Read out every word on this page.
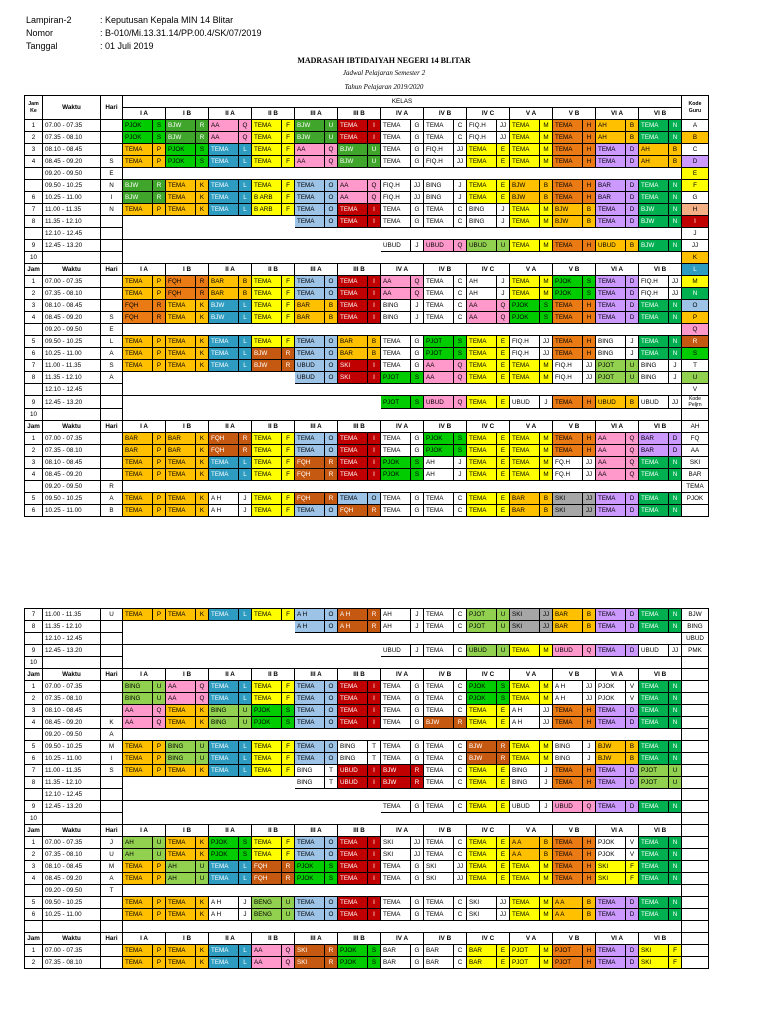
Lampiran-2	: Keputusan Kepala MIN 14 Blitar
Nomor	: B-010/Mi.13.31.14/PP.00.4/SK/07/2019
Tanggal	: 01 Juli 2019
MADRASAH IBTIDAIYAH NEGERI 14 BLITAR
Jadwal Pelajaran Semester 2
Tahun Pelajaran 2019/2020
Jam Ke	Waktu	Hari	KELAS																										Kode Guru
			I A		I B		II A		II B		III A		III B		IV A		IV B		IV C		V A		V B		VI A		VI B		
1	07.00 - 07.35		PJOK	S	BJW	R	AA	Q	TEMA	F	BJW	U	TEMA	I	TEMA	G	TEMA	C	FIQ.H	JJ	TEMA	M	TEMA	H	AH	B	TEMA	N	A
2	07.35 - 08.10		PJOK	S	BJW	R	AA	Q	TEMA	F	BJW	U	TEMA	I	TEMA	G	TEMA	C	FIQ.H	JJ	TEMA	M	TEMA	H	AH	B	TEMA	N	B
3	08.10 - 08.45		TEMA	P	PJOK	S	TEMA	L	TEMA	F	AA	Q	BJW	U	TEMA	G	FIQ.H	JJ	TEMA	E	TEMA	M	TEMA	H	TEMA	D	AH	B	C
4	08.45 - 09.20	S	TEMA	P	PJOK	S	TEMA	L	TEMA	F	AA	Q	BJW	U	TEMA	G	FIQ.H	JJ	TEMA	E	TEMA	M	TEMA	H	TEMA	D	AH	B	D
	09.20 - 09.50	E																											E
	09.50 - 10.25	N	BJW	R	TEMA	K	TEMA	L	TEMA	F	TEMA	O	AA	Q	FIQ.H	JJ	BING	J	TEMA	E	BJW	B	TEMA	H	BAR	D	TEMA	N	F
6	10.25 - 11.00	I	BJW	R	TEMA	K	TEMA	L	B ARB	F	TEMA	O	AA	Q	FIQ.H	JJ	BING	J	TEMA	E	BJW	B	TEMA	H	BAR	D	TEMA	N	G
7	11.00 - 11.35	N	TEMA	P	TEMA	K	TEMA	L	B ARB	F	TEMA	O	TEMA	I	TEMA	G	TEMA	C	BING	J	TEMA	M	BJW	B	TEMA	D	BJW	N	H
8	11.35 - 12.10										TEMA	O	TEMA	I	TEMA	G	TEMA	C	BING	J	TEMA	M	BJW	B	TEMA	D	BJW	N	I
	12.10 - 12.45																												J
9	12.45 - 13.20														UBUD	J	UBUD	Q	UBUD	U	TEMA	M	TEMA	H	UBUD	B	BJW	N	JJ
10																													K
Jam	Waktu	Hari	I A		I B		II A		II B		III A		III B		IV A		IV B		IV C		V A		V B		VI A		VI B		L
1	07.00 - 07.35		TEMA	P	FQH	R	BAR	B	TEMA	F	TEMA	O	TEMA	I	AA	Q	TEMA	C	AH	J	TEMA	M	PJOK	S	TEMA	D	FIQ.H	JJ	M
2	07.35 - 08.10		TEMA	P	FQH	R	BAR	B	TEMA	F	TEMA	O	TEMA	I	AA	Q	TEMA	C	AH	J	TEMA	M	PJOK	S	TEMA	D	FIQ.H	JJ	N
3	08.10 - 08.45		FQH	R	TEMA	K	BJW	L	TEMA	F	BAR	B	TEMA	I	BING	J	TEMA	C	AA	Q	PJOK	S	TEMA	H	TEMA	D	TEMA	N	O
4	08.45 - 09.20	S	FQH	R	TEMA	K	BJW	L	TEMA	F	BAR	B	TEMA	I	BING	J	TEMA	C	AA	Q	PJOK	S	TEMA	H	TEMA	D	TEMA	N	P
	09.20 - 09.50	E																											Q
5	09.50 - 10.25	L	TEMA	P	TEMA	K	TEMA	L	TEMA	F	TEMA	O	BAR	B	TEMA	G	PJOT	S	TEMA	E	FIQ.H	JJ	TEMA	H	BING	J	TEMA	N	R
6	10.25 - 11.00	A	TEMA	P	TEMA	K	TEMA	L	BJW	R	TEMA	O	BAR	B	TEMA	G	PJOT	S	TEMA	E	FIQ.H	JJ	TEMA	H	BING	J	TEMA	N	S
7	11.00 - 11.35	S	TEMA	P	TEMA	K	TEMA	L	BJW	R	UBUD	O	SKI	I	TEMA	G	AA	Q	TEMA	E	TEMA	M	FIQ.H	JJ	PJOT	U	BING	J	T
8	11.35 - 12.10	A									UBUD	O	SKI	I	PJOT	S	AA	Q	TEMA	E	TEMA	M	FIQ.H	JJ	PJOT	U	BING	J	U
	12.10 - 12.45																												V
9	12.45 - 13.20														PJOT	S	UBUD	Q	TEMA	E	UBUD	J	TEMA	H	UBUD	B	UBUD	JJ	Kode Peljrn
10																													
Jam	Waktu	Hari	I A		I B		II A		II B		III A		III B		IV A		IV B		IV C		V A		V B		VI A		VI B		AH
1	07.00 - 07.35		BAR	P	BAR	K	FQH	R	TEMA	F	TEMA	O	TEMA	I	TEMA	G	PJOK	S	TEMA	E	TEMA	M	TEMA	H	AA	Q	BAR	D	FQ
2	07.35 - 08.10		BAR	P	BAR	K	FQH	R	TEMA	F	TEMA	O	TEMA	I	TEMA	G	PJOK	S	TEMA	E	TEMA	M	TEMA	H	AA	Q	BAR	D	AA
3	08.10 - 08.45		TEMA	P	TEMA	K	TEMA	L	TEMA	F	FQH	R	TEMA	I	PJOK	S	AH	J	TEMA	E	TEMA	M	FQ.H	JJ	AA	Q	TEMA	N	SKI
4	08.45 - 09.20		TEMA	P	TEMA	K	TEMA	L	TEMA	F	FQH	R	TEMA	I	PJOK	S	AH	J	TEMA	E	TEMA	M	FQ.H	JJ	AA	Q	TEMA	N	BAR
	09.20 - 09.50	R																											TEMA
5	09.50 - 10.25	A	TEMA	P	TEMA	K	A H	J	TEMA	F	FQH	R	TEMA	O	TEMA	G	TEMA	C	TEMA	E	BAR	B	SKI	JJ	TEMA	D	TEMA	N	PJOK
6	10.25 - 11.00	B	TEMA	P	TEMA	K	A H	J	TEMA	F	TEMA	O	FQH	R	TEMA	G	TEMA	C	TEMA	E	BAR	B	SKI	JJ	TEMA	D	TEMA	N	
7	11.00 - 11.35	U	TEMA	P	TEMA	K	TEMA	L	TEMA	F	A H	O	A H	R	AH	J	TEMA	C	PJOT	U	SKI	JJ	BAR	B	TEMA	D	TEMA	N	BJW
8	11.35 - 12.10										A H	O	A H	R	AH	J	TEMA	C	PJOT	U	SKI	JJ	BAR	B	TEMA	D	TEMA	N	BING
	12.10 - 12.45																												UBUD
9	12.45 - 13.20														UBUD	J	TEMA	C	UBUD	U	TEMA	M	UBUD	Q	TEMA	D	UBUD	JJ	PMK
10																													
Jam	Waktu	Hari	I A		I B		II A		II B		III A		III B		IV A		IV B		IV C		V A		V B		VI A		VI B		
1	07.00 - 07.35		BING	U	AA	Q	TEMA	L	TEMA	F	TEMA	O	TEMA	I	TEMA	G	TEMA	C	PJOK	S	TEMA	M	A H	JJ	PJOK	V	TEMA	N	
2	07.35 - 08.10		BING	U	AA	Q	TEMA	L	TEMA	F	TEMA	O	TEMA	I	TEMA	G	TEMA	C	PJOK	S	TEMA	M	A H	JJ	PJOK	V	TEMA	N	
3	08.10 - 08.45		AA	Q	TEMA	K	BING	U	PJOK	S	TEMA	O	TEMA	I	TEMA	G	TEMA	C	TEMA	E	A H	JJ	TEMA	H	TEMA	D	TEMA	N	
4	08.45 - 09.20	K	AA	Q	TEMA	K	BING	U	PJOK	S	TEMA	O	TEMA	I	TEMA	G	BJW	R	TEMA	E	A H	JJ	TEMA	H	TEMA	D	TEMA	N	
	09.20 - 09.50	A																											
5	09.50 - 10.25	M	TEMA	P	BING	U	TEMA	L	TEMA	F	TEMA	O	BING	T	TEMA	G	TEMA	C	BJW	R	TEMA	M	BING	J	BJW	B	TEMA	N	
6	10.25 - 11.00	I	TEMA	P	BING	U	TEMA	L	TEMA	F	TEMA	O	BING	T	TEMA	G	TEMA	C	BJW	R	TEMA	M	BING	J	BJW	B	TEMA	N	
7	11.00 - 11.35	S	TEMA	P	TEMA	K	TEMA	L	TEMA	F	BING	T	UBUD	I	BJW	R	TEMA	C	TEMA	E	BING	J	TEMA	H	TEMA	D	PJOT	U	
8	11.35 - 12.10										BING	T	UBUD	I	BJW	R	TEMA	C	TEMA	E	BING	J	TEMA	H	TEMA	D	PJOT	U	
	12.10 - 12.45																												
9	12.45 - 13.20														TEMA	G	TEMA	C	TEMA	E	UBUD	J	UBUD	Q	TEMA	D	TEMA	N	
10																													
Jam	Waktu	Hari	I A		I B		II A		II B		III A		III B		IV A		IV B		IV C		V A		V B		VI A		VI B		
1	07.00 - 07.35	J	AH	U	TEMA	K	PJOK	S	TEMA	F	TEMA	O	TEMA	I	SKI	JJ	TEMA	C	TEMA	E	A A	B	TEMA	H	PJOK	V	TEMA	N	
2	07.35 - 08.10	U	AH	U	TEMA	K	PJOK	S	TEMA	F	TEMA	O	TEMA	I	SKI	JJ	TEMA	C	TEMA	E	A A	B	TEMA	H	PJOK	V	TEMA	N	
3	08.10 - 08.45	M	TEMA	P	AH	U	TEMA	L	FQH	R	PJOK	S	TEMA	I	TEMA	G	SKI	JJ	TEMA	E	TEMA	M	TEMA	H	SKI	F	TEMA	N	
4	08.45 - 09.20	A	TEMA	P	AH	U	TEMA	L	FQH	R	PJOK	S	TEMA	I	TEMA	G	SKI	JJ	TEMA	E	TEMA	M	TEMA	H	SKI	F	TEMA	N	
	09.20 - 09.50	T																											
5	09.50 - 10.25		TEMA	P	TEMA	K	A H	J	BENG	U	TEMA	O	TEMA	I	TEMA	G	TEMA	C	SKI	JJ	TEMA	M	A A	B	TEMA	D	TEMA	N	
6	10.25 - 11.00		TEMA	P	TEMA	K	A H	J	BENG	U	TEMA	O	TEMA	I	TEMA	G	TEMA	C	SKI	JJ	TEMA	M	A A	B	TEMA	D	TEMA	N	

Jam	Waktu	Hari	I A		I B		II A		II B		III A		III B		IV A		IV B		IV C		V A		V B		VI A		VI B		
1	07.00 - 07.35		TEMA	P	TEMA	K	TEMA	L	AA	Q	SKI	R	PJOK	S	BAR	G	BAR	C	BAR	E	PJOT	M	PJOT	H	TEMA	D	SKI	F	
2	07.35 - 08.10		TEMA	P	TEMA	K	TEMA	L	AA	Q	SKI	R	PJOK	S	BAR	G	BAR	C	BAR	E	PJOT	M	PJOT	H	TEMA	D	SKI	F	
